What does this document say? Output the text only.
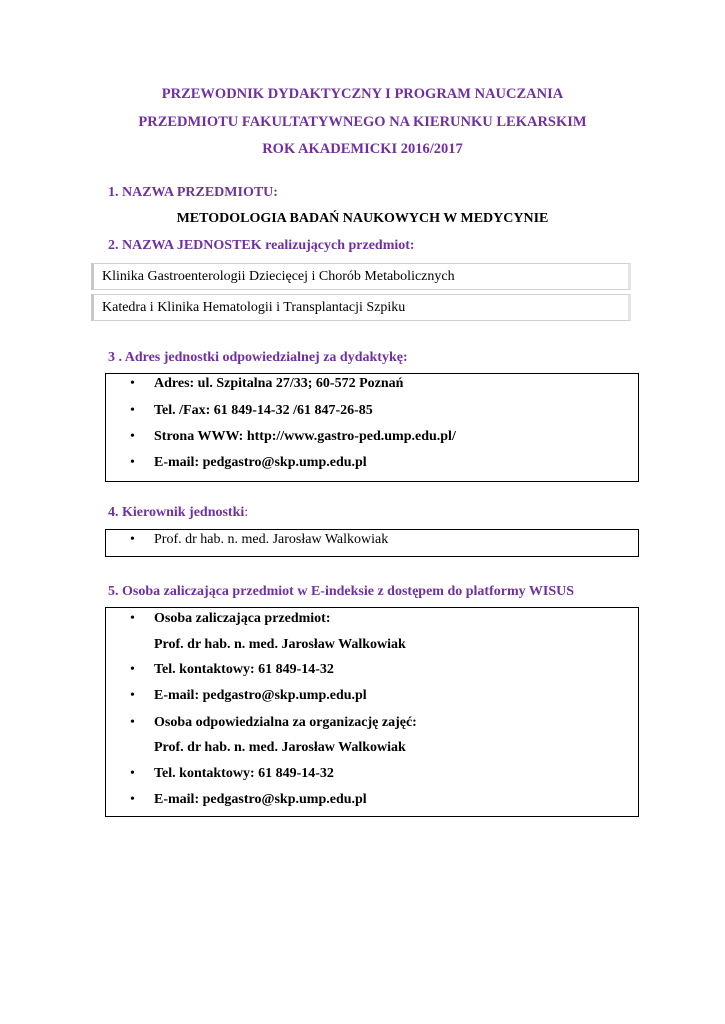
PRZEWODNIK DYDAKTYCZNY I PROGRAM NAUCZANIA
PRZEDMIOTU FAKULTATYWNEGO NA KIERUNKU LEKARSKIM
ROK AKADEMICKI 2016/2017
1. NAZWA PRZEDMIOTU:
METODOLOGIA BADAŃ NAUKOWYCH W MEDYCYNIE
2. NAZWA JEDNOSTEK realizujących przedmiot:
Klinika Gastroenterologii Dziecięcej i Chorób Metabolicznych
Katedra i Klinika Hematologii i Transplantacji Szpiku
3 . Adres jednostki odpowiedzialnej za dydaktykę:
• Adres: ul. Szpitalna 27/33; 60-572 Poznań
• Tel. /Fax: 61 849-14-32 /61 847-26-85
• Strona WWW: http://www.gastro-ped.ump.edu.pl/
• E-mail: pedgastro@skp.ump.edu.pl
4. Kierownik jednostki:
• Prof. dr hab. n. med. Jarosław Walkowiak
5. Osoba zaliczająca przedmiot w E-indeksie z dostępem do platformy WISUS
• Osoba zaliczająca przedmiot:
Prof. dr hab. n. med. Jarosław Walkowiak
• Tel. kontaktowy: 61 849-14-32
• E-mail: pedgastro@skp.ump.edu.pl
• Osoba odpowiedzialna za organizację zajęć:
Prof. dr hab. n. med. Jarosław Walkowiak
• Tel. kontaktowy: 61 849-14-32
• E-mail: pedgastro@skp.ump.edu.pl
